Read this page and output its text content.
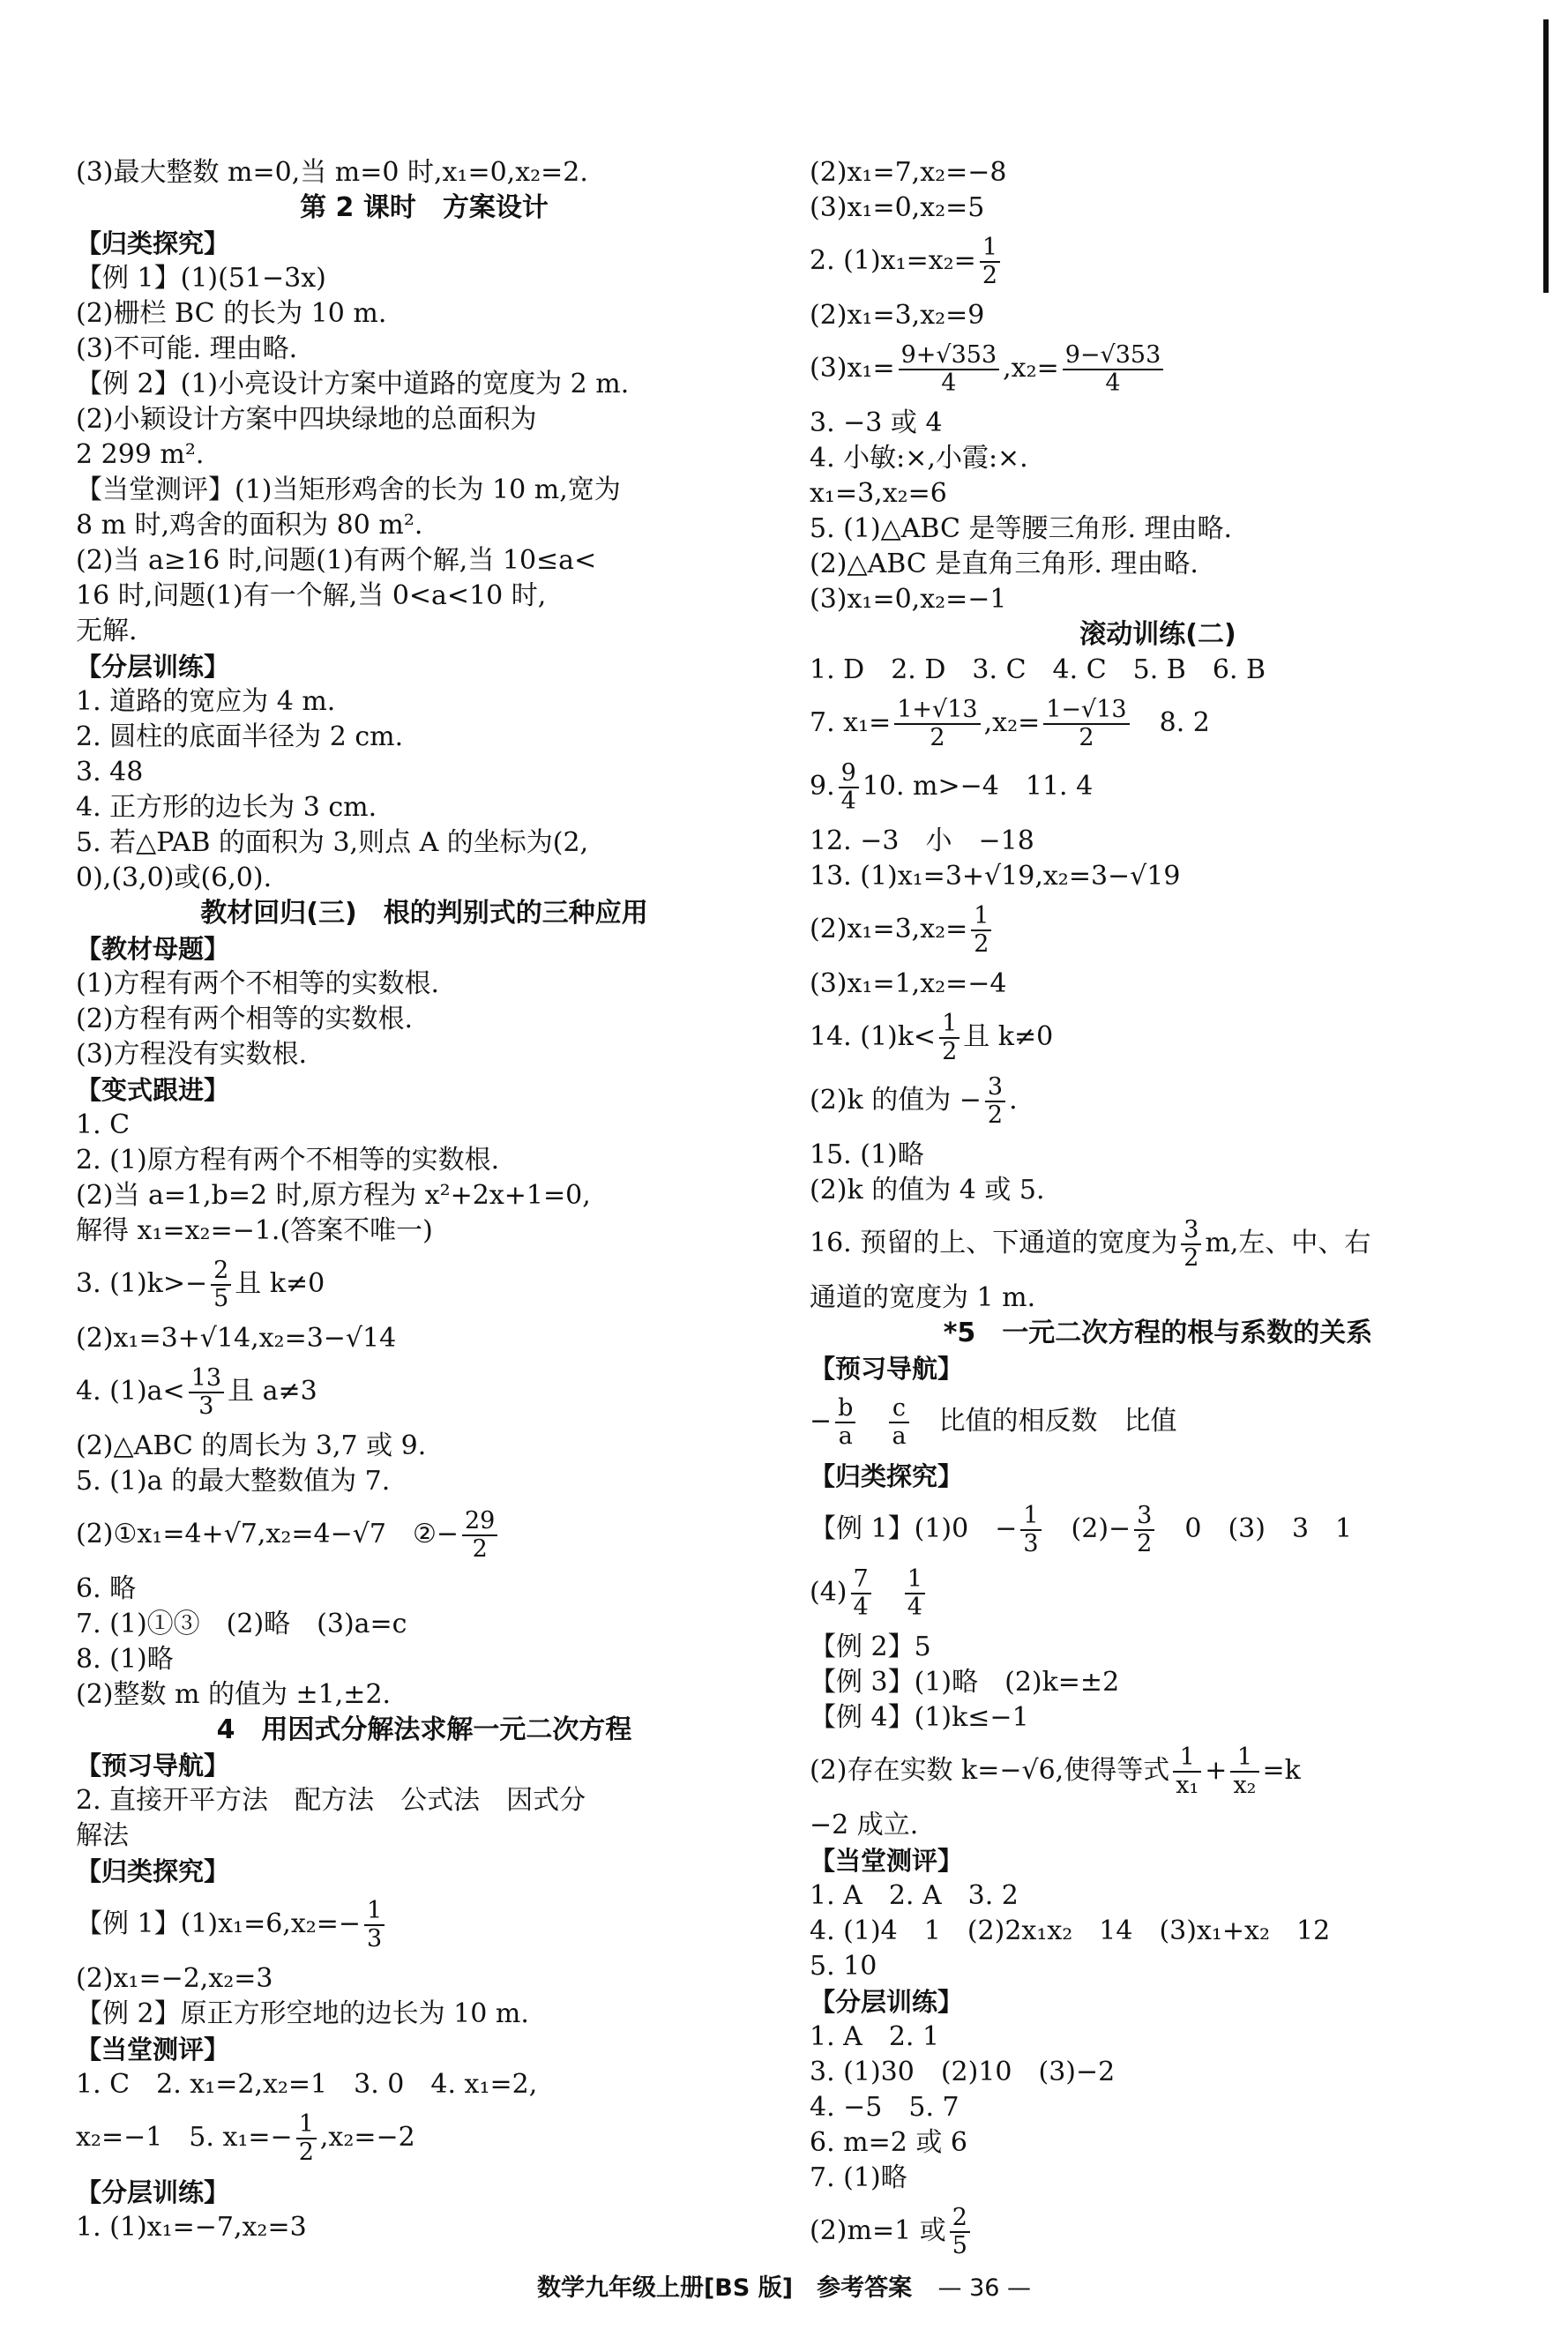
(3)最大整数 m=0,当 m=0 时,x₁=0,x₂=2.
第 2 课时　方案设计
【归类探究】
【例 1】(1)(51−3x)
(2)栅栏 BC 的长为 10 m.
(3)不可能. 理由略.
【例 2】(1)小亮设计方案中道路的宽度为 2 m.
(2)小颖设计方案中四块绿地的总面积为
2 299 m².
【当堂测评】(1)当矩形鸡舍的长为 10 m,宽为
8 m 时,鸡舍的面积为 80 m².
(2)当 a≥16 时,问题(1)有两个解,当 10≤a<
16 时,问题(1)有一个解,当 0<a<10 时,
无解.
【分层训练】
1. 道路的宽应为 4 m.
2. 圆柱的底面半径为 2 cm.
3. 48
4. 正方形的边长为 3 cm.
5. 若△PAB 的面积为 3,则点 A 的坐标为(2,
0),(3,0)或(6,0).
教材回归(三)　根的判别式的三种应用
【教材母题】
(1)方程有两个不相等的实数根.
(2)方程有两个相等的实数根.
(3)方程没有实数根.
【变式跟进】
1. C
2. (1)原方程有两个不相等的实数根.
(2)当 a=1,b=2 时,原方程为 x²+2x+1=0,
解得 x₁=x₂=−1.(答案不唯一)
3. $(1)k>- \frac{2}{5}$ 且 k≠0
(2)x₁=3+√14,x₂=3−√14
4. $(1)a< \frac{13}{3}$ 且 a≠3
(2)△ABC 的周长为 3,7 或 9.
5. (1)a 的最大整数值为 7.
(2)①x₁=4+√7,x₂=4−√7　②− $\frac{29}{2}$
6. 略
7. (1)①③　(2)略　(3)a=c
8. (1)略
(2)整数 m 的值为 ±1,±2.
4　用因式分解法求解一元二次方程
【预习导航】
2. 直接开平方法　配方法　公式法　因式分
解法
【归类探究】
【例 1】$(1)x_1=6,x_2=- \frac{1}{3}$
(2)x₁=−2,x₂=3
【例 2】原正方形空地的边长为 10 m.
【当堂测评】
1. C　2. x₁=2,x₂=1　3. 0　4. x₁=2,
x₂=−1　5. $x_1=- \frac{1}{2} ,x_2=-2$
【分层训练】
1. (1)x₁=−7,x₂=3
(2)x₁=7,x₂=−8
(3)x₁=0,x₂=5
2. $(1)x_1=x_2= \frac{1}{2}$
(2)x₁=3,x₂=9
$(3)x_1= \frac{9+√353}{4} ,x_2= \frac{9-√353}{4}$
3. −3 或 4
4. 小敏:×,小霞:×.
x₁=3,x₂=6
5. (1)△ABC 是等腰三角形. 理由略.
(2)△ABC 是直角三角形. 理由略.
(3)x₁=0,x₂=−1
滚动训练(二)
1. D　2. D　3. C　4. C　5. B　6. B
7. $x_1= \frac{1+√13}{2} ,x_2= \frac{1-√13}{2}$
　 8. 2
9. $\frac{9}{4} 10$. m>−4　11. 4
12. −3　小　−18
13. (1)x₁=3+√19,x₂=3−√19
$(2)x_1=3,x_2= \frac{1}{2}$
(3)x₁=1,x₂=−4
14. $(1)k< \frac{1}{2}$ 且 k≠0
(2)k 的值为 − $\frac{3}{2}$ .
15. (1)略
(2)k 的值为 4 或 5.
16. 预留的上、下通道的宽度为 $\frac{3}{2} m$,左、中、右
通道的宽度为 1 m.
*5　一元二次方程的根与系数的关系
【预习导航】
− $\frac{b}{a}$
　 $\frac{c}{a}$
　 比值的相反数　比值
【归类探究】
【例 1】(1)0　− $\frac{1}{3}$
　 $(2)- \frac{3}{2}$
　 0　(3)　3　1
$(4) \frac{7}{4}$
　 $\frac{1}{4}$
【例 2】5
【例 3】(1)略　(2)k=±2
【例 4】(1)k≤−1
(2)存在实数 k=−√6,使得等式 $\frac{1}{\text{x₁}} + \frac{1}{\text{x₂}} =k$
−2 成立.
【当堂测评】
1. A　2. A　3. 2
4. (1)4　1　(2)2x₁x₂　14　(3)x₁+x₂　12
5. 10
【分层训练】
1. A　2. 1
3. (1)30　(2)10　(3)−2
4. −5　5. 7
6. m=2 或 6
7. (1)略
(2)m=1 或 $\frac{2}{5}$
数学九年级上册[BS 版]　参考答案 — 36 —
